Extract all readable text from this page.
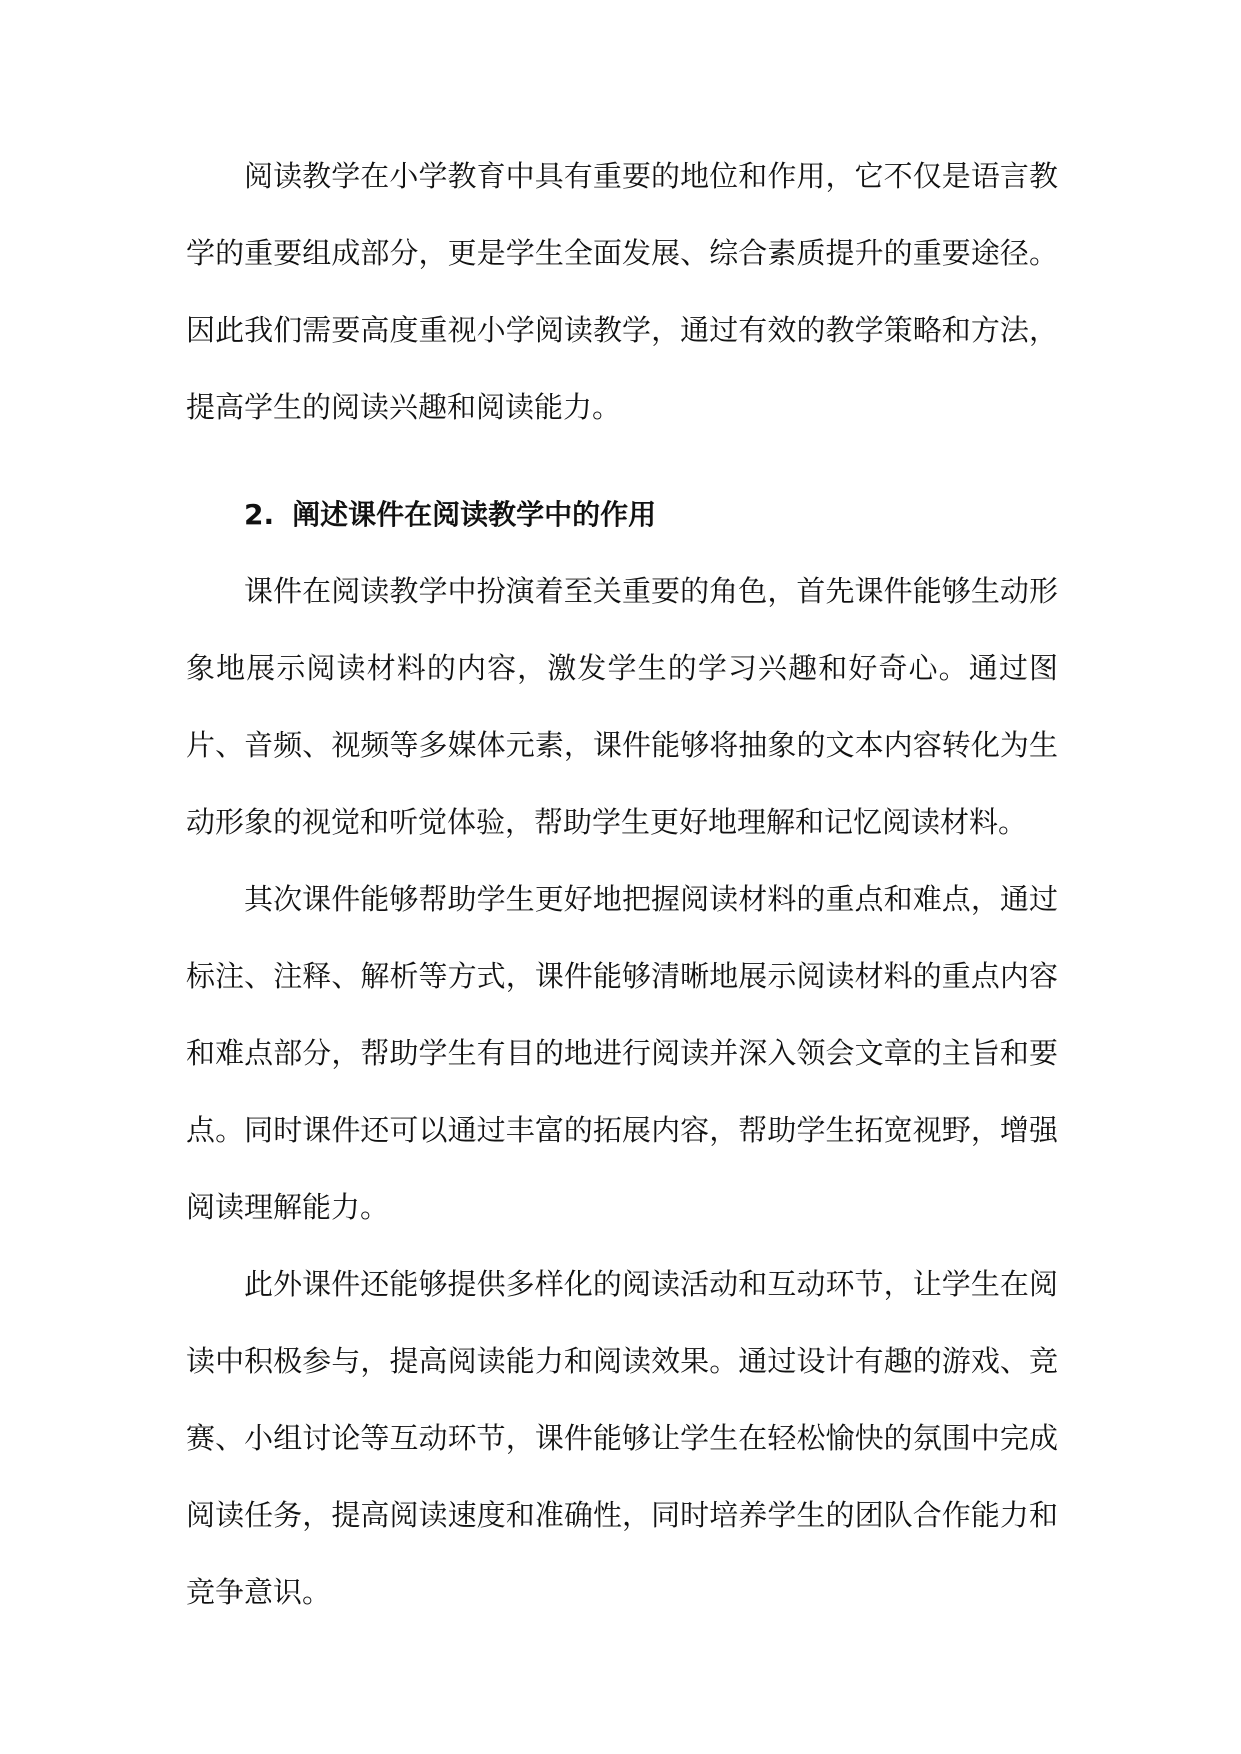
阅读教学在小学教育中具有重要的地位和作用，它不仅是语言教学的重要组成部分，更是学生全面发展、综合素质提升的重要途径。因此我们需要高度重视小学阅读教学，通过有效的教学策略和方法，提高学生的阅读兴趣和阅读能力。

2. 阐述课件在阅读教学中的作用

课件在阅读教学中扮演着至关重要的角色，首先课件能够生动形象地展示阅读材料的内容，激发学生的学习兴趣和好奇心。通过图片、音频、视频等多媒体元素，课件能够将抽象的文本内容转化为生动形象的视觉和听觉体验，帮助学生更好地理解和记忆阅读材料。

其次课件能够帮助学生更好地把握阅读材料的重点和难点，通过标注、注释、解析等方式，课件能够清晰地展示阅读材料的重点内容和难点部分，帮助学生有目的地进行阅读并深入领会文章的主旨和要点。同时课件还可以通过丰富的拓展内容，帮助学生拓宽视野，增强阅读理解能力。

此外课件还能够提供多样化的阅读活动和互动环节，让学生在阅读中积极参与，提高阅读能力和阅读效果。通过设计有趣的游戏、竞赛、小组讨论等互动环节，课件能够让学生在轻松愉快的氛围中完成阅读任务，提高阅读速度和准确性，同时培养学生的团队合作能力和竞争意识。
